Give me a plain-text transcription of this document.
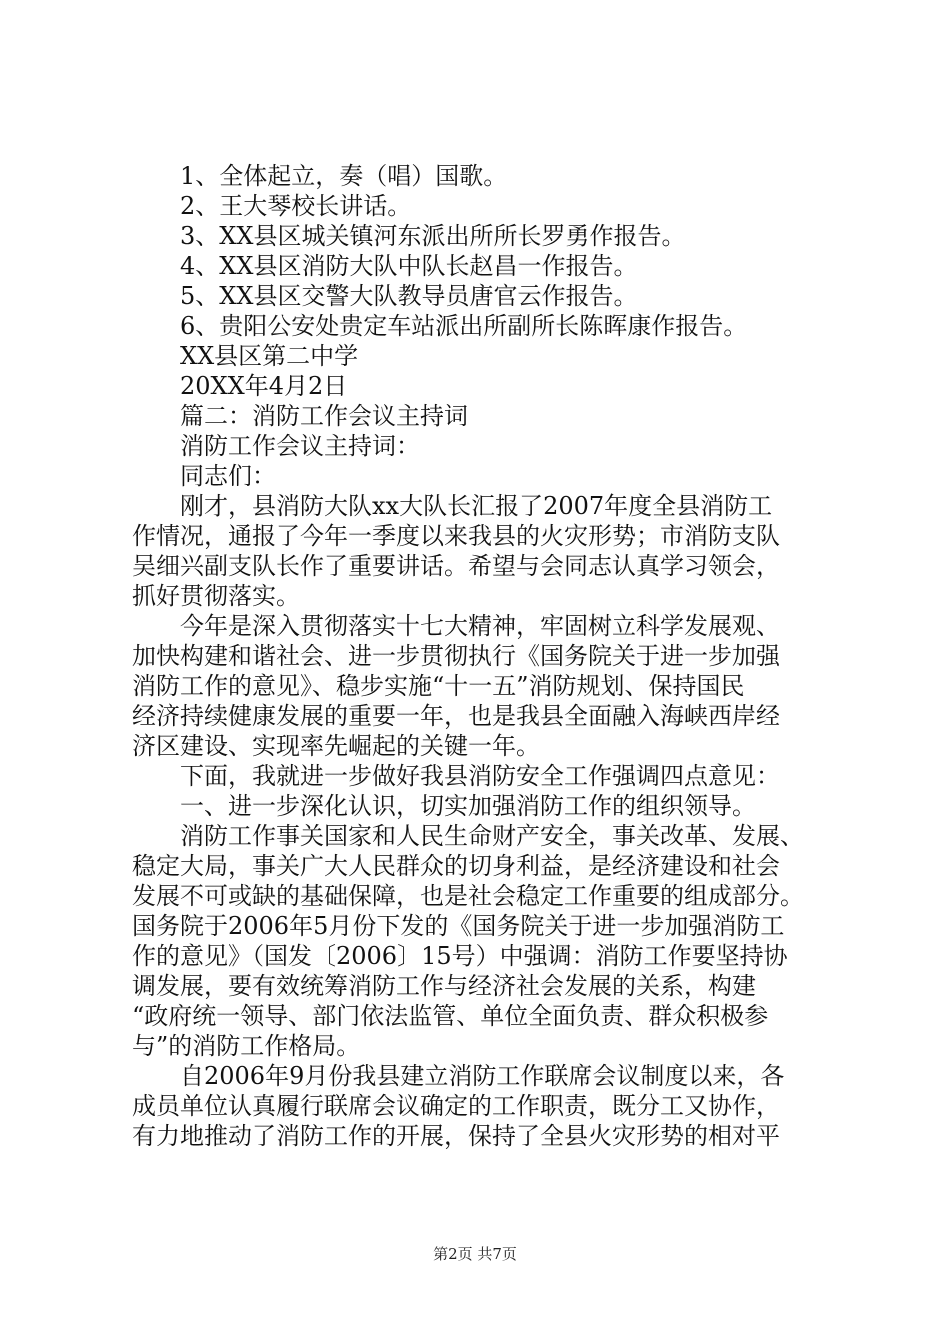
1、全体起立，奏（唱）国歌。
2、王大琴校长讲话。
3、XX县区城关镇河东派出所所长罗勇作报告。
4、XX县区消防大队中队长赵昌一作报告。
5、XX县区交警大队教导员唐官云作报告。
6、贵阳公安处贵定车站派出所副所长陈晖康作报告。
XX县区第二中学
20XX年4月2日
篇二：消防工作会议主持词
消防工作会议主持词：
同志们：
刚才，县消防大队xx大队长汇报了2007年度全县消防工
作情况，通报了今年一季度以来我县的火灾形势；市消防支队
吴细兴副支队长作了重要讲话。希望与会同志认真学习领会，
抓好贯彻落实。
今年是深入贯彻落实十七大精神，牢固树立科学发展观、
加快构建和谐社会、进一步贯彻执行《国务院关于进一步加强
消防工作的意见》、稳步实施“十一五”消防规划、保持国民
经济持续健康发展的重要一年，也是我县全面融入海峡西岸经
济区建设、实现率先崛起的关键一年。
下面，我就进一步做好我县消防安全工作强调四点意见：
一、进一步深化认识，切实加强消防工作的组织领导。
消防工作事关国家和人民生命财产安全，事关改革、发展、
稳定大局，事关广大人民群众的切身利益，是经济建设和社会
发展不可或缺的基础保障，也是社会稳定工作重要的组成部分。
国务院于2006年5月份下发的《国务院关于进一步加强消防工
作的意见》（国发〔2006〕15号）中强调：消防工作要坚持协
调发展，要有效统筹消防工作与经济社会发展的关系，构建
“政府统一领导、部门依法监管、单位全面负责、群众积极参
与”的消防工作格局。
自2006年9月份我县建立消防工作联席会议制度以来，各
成员单位认真履行联席会议确定的工作职责，既分工又协作，
有力地推动了消防工作的开展，保持了全县火灾形势的相对平
第2页 共7页
